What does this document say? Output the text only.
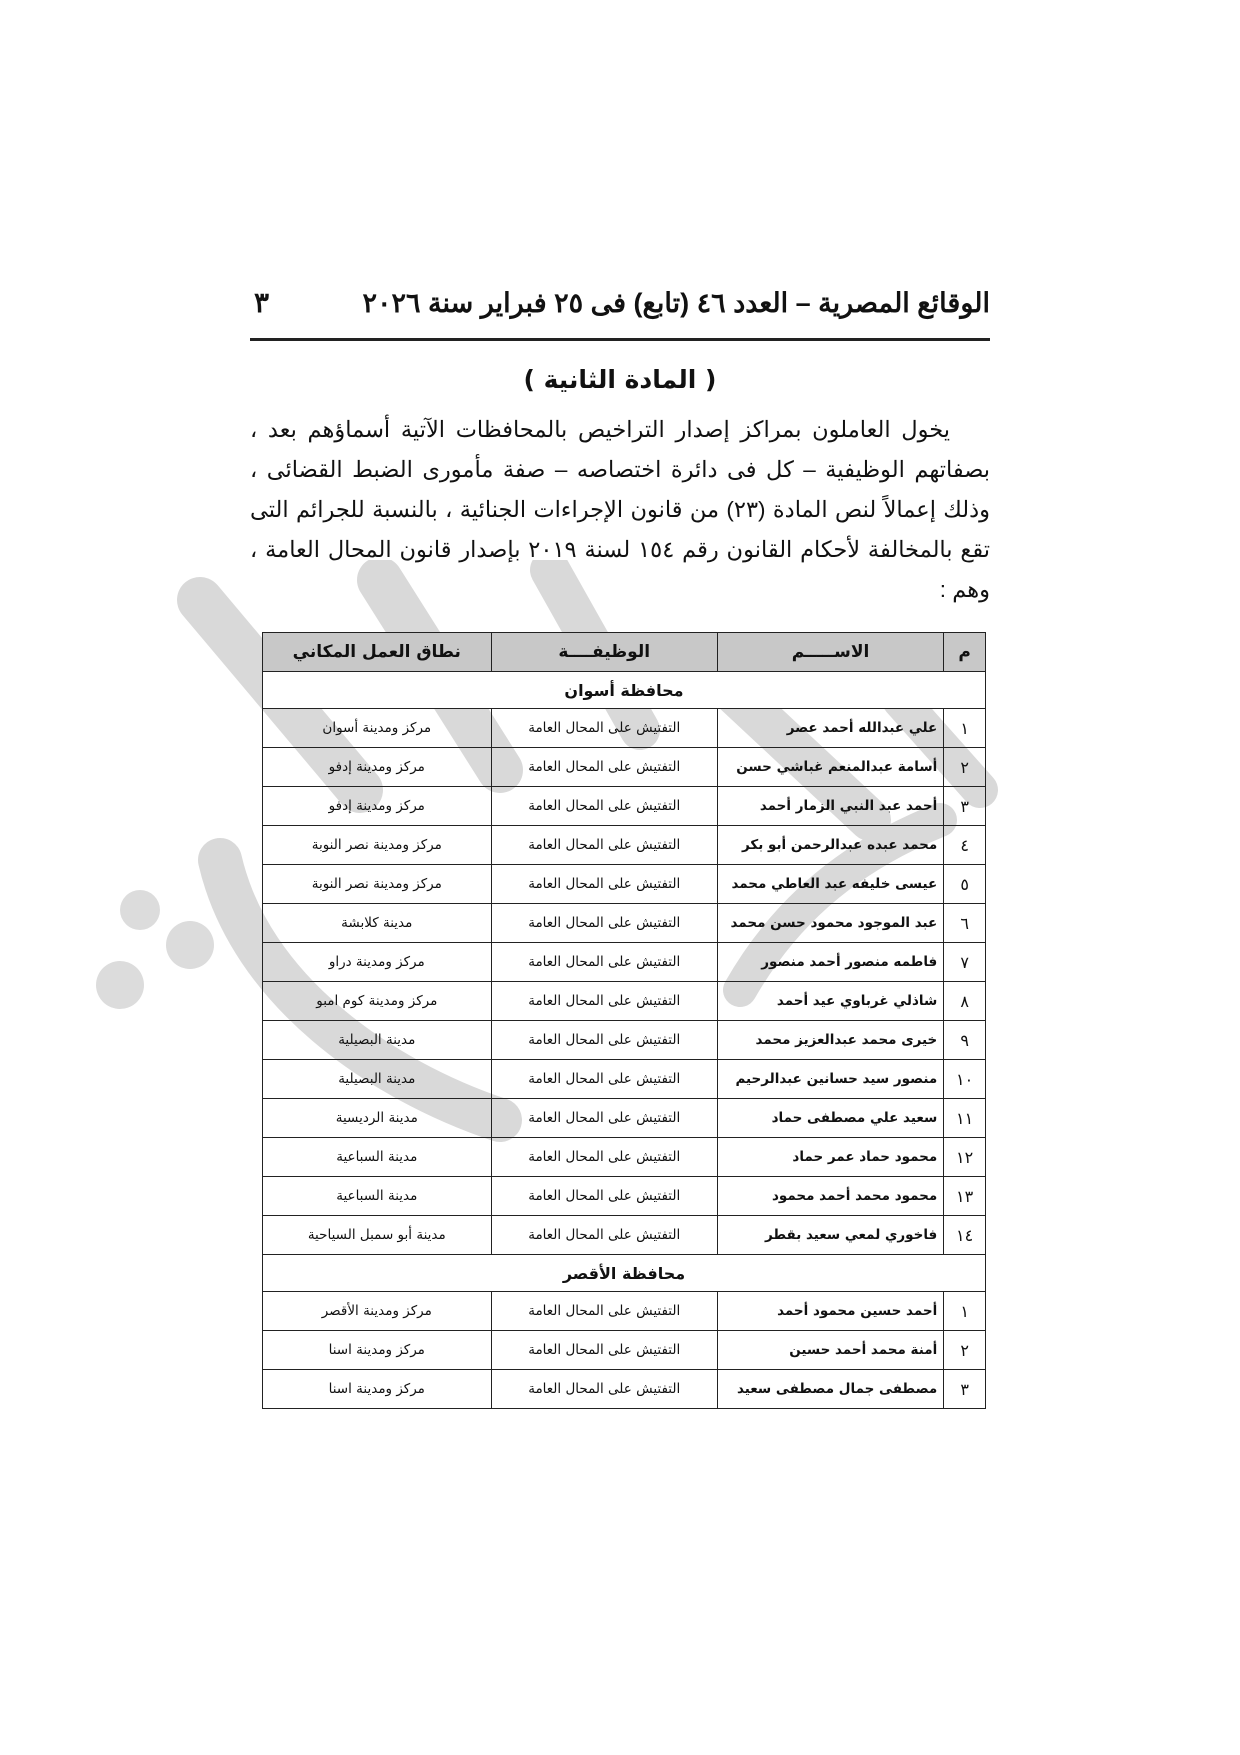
الوقائع المصرية – العدد ٤٦ (تابع) فى ٢٥ فبراير سنة ٢٠٢٦
٣
( المادة الثانية )

يخول العاملون بمراكز إصدار التراخيص بالمحافظات الآتية أسماؤهم بعد ، بصفاتهم الوظيفية – كل فى دائرة اختصاصه – صفة مأمورى الضبط القضائى ، وذلك إعمالاً لنص المادة (٢٣) من قانون الإجراءات الجنائية ، بالنسبة للجرائم التى تقع بالمخالفة لأحكام القانون رقم ١٥٤ لسنة ٢٠١٩ بإصدار قانون المحال العامة ، وهم :

م	الاســـــم	الوظيفــــة	نطاق العمل المكاني
محافظة أسوان			
١	علي عبدالله أحمد عصر	التفتيش على المحال العامة	مركز ومدينة أسوان
٢	أسامة عبدالمنعم غباشي حسن	التفتيش على المحال العامة	مركز ومدينة إدفو
٣	أحمد عبد النبي الزمار أحمد	التفتيش على المحال العامة	مركز ومدينة إدفو
٤	محمد عبده عبدالرحمن أبو بكر	التفتيش على المحال العامة	مركز ومدينة نصر النوبة
٥	عيسى خليفه عبد العاطي محمد	التفتيش على المحال العامة	مركز ومدينة نصر النوبة
٦	عبد الموجود محمود حسن محمد	التفتيش على المحال العامة	مدينة كلابشة
٧	فاطمه منصور أحمد منصور	التفتيش على المحال العامة	مركز ومدينة دراو
٨	شاذلي غرباوي عيد أحمد	التفتيش على المحال العامة	مركز ومدينة كوم امبو
٩	خيرى محمد عبدالعزيز محمد	التفتيش على المحال العامة	مدينة البصيلية
١٠	منصور سيد حسانين عبدالرحيم	التفتيش على المحال العامة	مدينة البصيلية
١١	سعيد علي مصطفى حماد	التفتيش على المحال العامة	مدينة الرديسية
١٢	محمود حماد عمر حماد	التفتيش على المحال العامة	مدينة السباعية
١٣	محمود محمد أحمد محمود	التفتيش على المحال العامة	مدينة السباعية
١٤	فاخوري لمعي سعيد بقطر	التفتيش على المحال العامة	مدينة أبو سمبل السياحية
محافظة الأقصر			
١	أحمد حسين محمود أحمد	التفتيش على المحال العامة	مركز ومدينة الأقصر
٢	أمنة محمد أحمد حسين	التفتيش على المحال العامة	مركز ومدينة اسنا
٣	مصطفى جمال مصطفى سعيد	التفتيش على المحال العامة	مركز ومدينة اسنا
